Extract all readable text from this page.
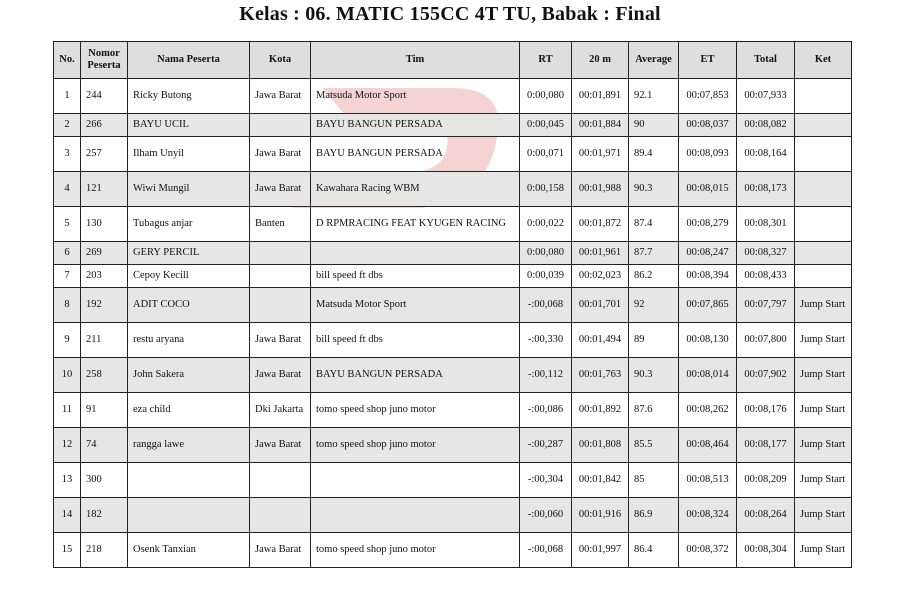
Kelas : 06. MATIC 155CC 4T TU, Babak : Final
No.	Nomor Peserta	Nama Peserta	Kota	Tim	RT	20 m	Average	ET	Total	Ket
1	244	Ricky Butong	Jawa Barat	Matsuda Motor Sport	0:00,080	00:01,891	92.1	00:07,853	00:07,933	
2	266	BAYU UCIL		BAYU BANGUN PERSADA	0:00,045	00:01,884	90	00:08,037	00:08,082	
3	257	Ilham Unyil	Jawa Barat	BAYU BANGUN PERSADA	0:00,071	00:01,971	89.4	00:08,093	00:08,164	
4	121	Wiwi Mungil	Jawa Barat	Kawahara Racing WBM	0:00,158	00:01,988	90.3	00:08,015	00:08,173	
5	130	Tubagus anjar	Banten	D RPMRACING FEAT KYUGEN RACING	0:00,022	00:01,872	87.4	00:08,279	00:08,301	
6	269	GERY PERCIL			0:00,080	00:01,961	87.7	00:08,247	00:08,327	
7	203	Cepoy Kecill		bill speed ft dbs	0:00,039	00:02,023	86.2	00:08,394	00:08,433	
8	192	ADIT COCO		Matsuda Motor Sport	-:00,068	00:01,701	92	00:07,865	00:07,797	Jump Start
9	211	restu aryana	Jawa Barat	bill speed ft dbs	-:00,330	00:01,494	89	00:08,130	00:07,800	Jump Start
10	258	John Sakera	Jawa Barat	BAYU BANGUN PERSADA	-:00,112	00:01,763	90.3	00:08,014	00:07,902	Jump Start
11	91	eza child	Dki Jakarta	tomo speed shop juno motor	-:00,086	00:01,892	87.6	00:08,262	00:08,176	Jump Start
12	74	rangga lawe	Jawa Barat	tomo speed shop juno motor	-:00,287	00:01,808	85.5	00:08,464	00:08,177	Jump Start
13	300				-:00,304	00:01,842	85	00:08,513	00:08,209	Jump Start
14	182				-:00,060	00:01,916	86.9	00:08,324	00:08,264	Jump Start
15	218	Osenk Tanxian	Jawa Barat	tomo speed shop juno motor	-:00,068	00:01,997	86.4	00:08,372	00:08,304	Jump Start
